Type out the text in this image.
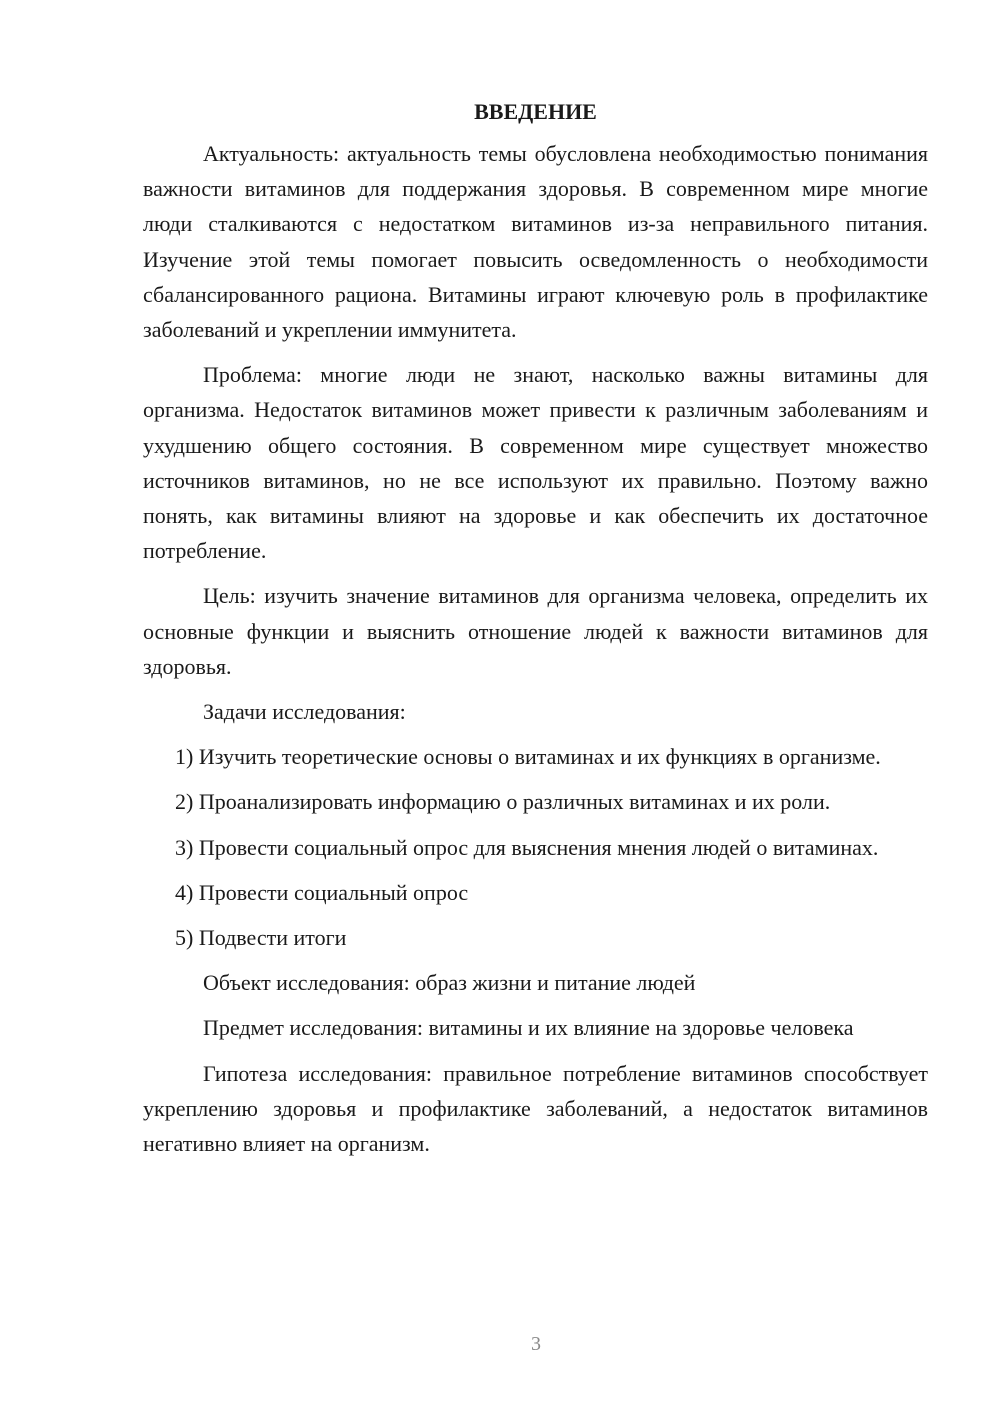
ВВЕДЕНИЕ

Актуальность: актуальность темы обусловлена необходимостью понимания важности витаминов для поддержания здоровья. В современном мире многие люди сталкиваются с недостатком витаминов из-за неправильного питания. Изучение этой темы помогает повысить осведомленность о необходимости сбалансированного рациона. Витамины играют ключевую роль в профилактике заболеваний и укреплении иммунитета.

Проблема: многие люди не знают, насколько важны витамины для организма. Недостаток витаминов может привести к различным заболеваниям и ухудшению общего состояния. В современном мире существует множество источников витаминов, но не все используют их правильно. Поэтому важно понять, как витамины влияют на здоровье и как обеспечить их достаточное потребление.

Цель: изучить значение витаминов для организма человека, определить их основные функции и выяснить отношение людей к важности витаминов для здоровья.

Задачи исследования:

1) Изучить теоретические основы о витаминах и их функциях в организме.

2) Проанализировать информацию о различных витаминах и их роли.

3) Провести социальный опрос для выяснения мнения людей о витаминах.

4) Провести социальный опрос

5) Подвести итоги

Объект исследования: образ жизни и питание людей

Предмет исследования: витамины и их влияние на здоровье человека

Гипотеза исследования: правильное потребление витаминов способствует укреплению здоровья и профилактике заболеваний, а недостаток витаминов негативно влияет на организм.

3
